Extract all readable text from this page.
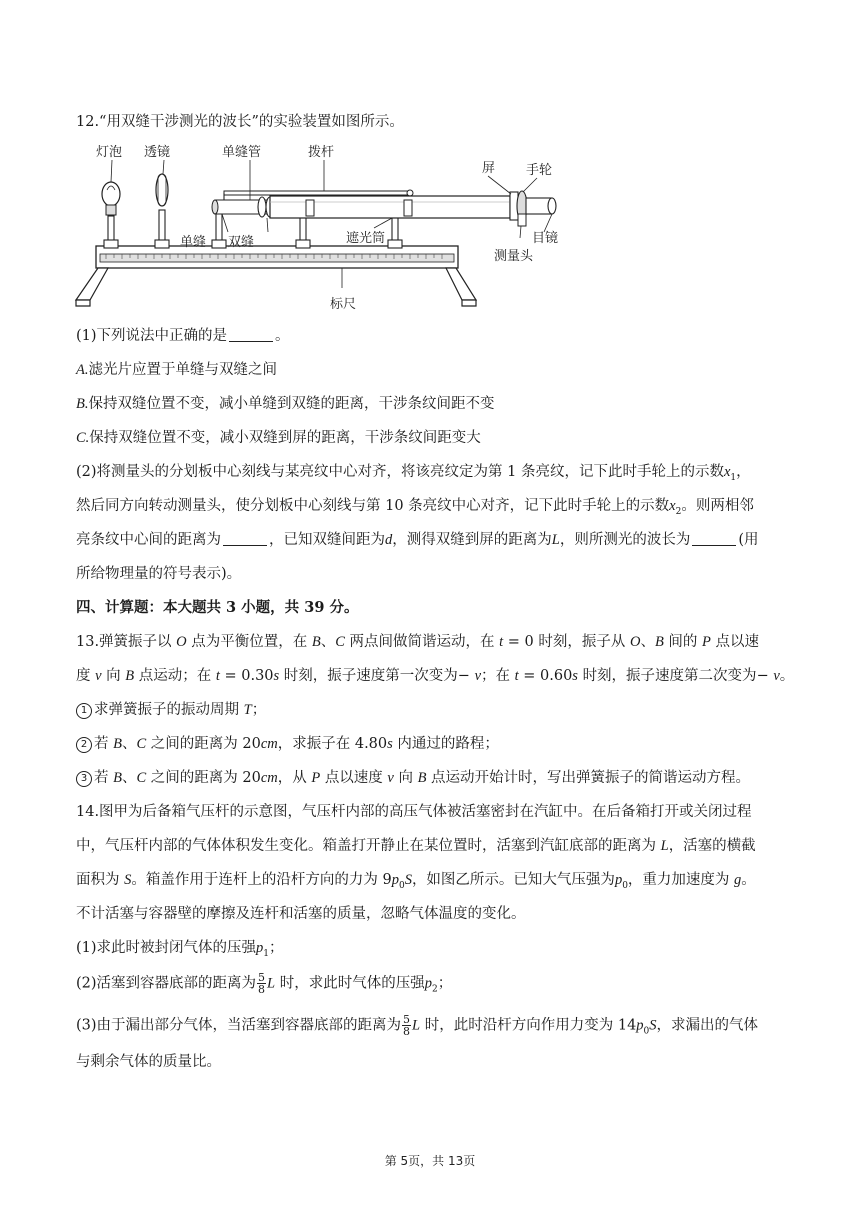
12.“用双缝干涉测光的波长”的实验装置如图所示。
灯泡 透镜	单缝管	拨杆
屏 手轮
单缝 双缝	遮光筒	目镜
测量头
标尺
(1)下列说法中正确的是	。
A.滤光片应置于单缝与双缝之间
B.保持双缝位置不变，减小单缝到双缝的距离，干涉条纹间距不变
C.保持双缝位置不变，减小双缝到屏的距离，干涉条纹间距变大
(2)将测量头的分划板中心刻线与某亮纹中心对齐，将该亮纹定为第 1 条亮纹，记下此时手轮上的示数$x_1$，
然后同方向转动测量头，使分划板中心刻线与第 10 条亮纹中心对齐，记下此时手轮上的示数$x_2$。则两相邻
亮条纹中心间的距离为	，已知双缝间距为d，测得双缝到屏的距离为L，则所测光的波长为	(用
所给物理量的符号表示)。
四、计算题：本大题共 3 小题，共 39 分。
13.弹簧振子以 O 点为平衡位置，在 B、C 两点间做简谐运动，在 t = 0 时刻，振子从 O、B 间的 P 点以速
度 v 向 B 点运动；在 t = 0.30s 时刻，振子速度第一次变为− v；在 t = 0.60s 时刻，振子速度第二次变为− v。
1 求弹簧振子的振动周期 T；
2 若 B、C 之间的距离为 20cm，求振子在 4.80s 内通过的路程；
3 若 B、C 之间的距离为 20cm，从 P 点以速度 v 向 B 点运动开始计时，写出弹簧振子的简谐运动方程。
14.图甲为后备箱气压杆的示意图，气压杆内部的高压气体被活塞密封在汽缸中。在后备箱打开或关闭过程
中，气压杆内部的气体体积发生变化。箱盖打开静止在某位置时，活塞到汽缸底部的距离为 L，活塞的横截
面积为 S。箱盖作用于连杆上的沿杆方向的力为 $9p_0S$，如图乙所示。已知大气压强为$p_0$，重力加速度为 g。
不计活塞与容器壁的摩擦及连杆和活塞的质量，忽略气体温度的变化。
(1)求此时被封闭气体的压强$p_1$；
(2)活塞到容器底部的距离为 $\frac{5}{8}$ L 时，求此时气体的压强$p_2$；
(3)由于漏出部分气体，当活塞到容器底部的距离为 $\frac{5}{8}$ L 时，此时沿杆方向作用力变为 $14p_0S$，求漏出的气体
与剩余气体的质量比。
第 5页，共 13页
